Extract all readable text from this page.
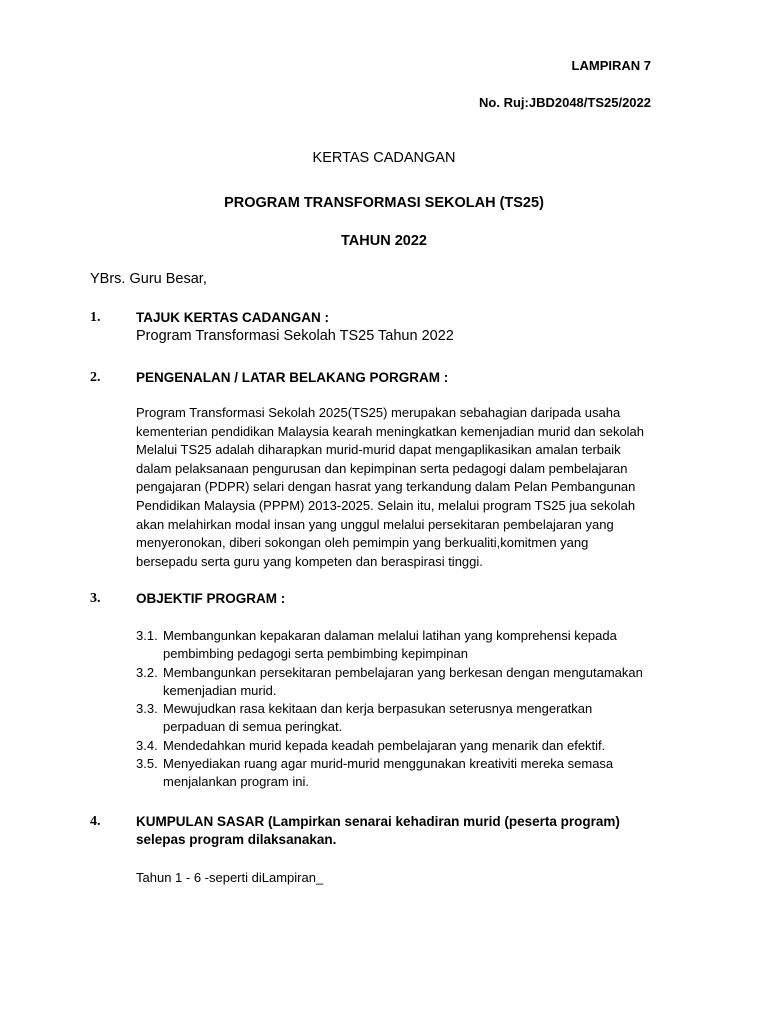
LAMPIRAN 7
No. Ruj:JBD2048/TS25/2022
KERTAS CADANGAN
PROGRAM TRANSFORMASI SEKOLAH (TS25)
TAHUN 2022
YBrs. Guru Besar,
1.	TAJUK KERTAS CADANGAN :
Program Transformasi Sekolah TS25 Tahun 2022
2.	PENGENALAN / LATAR BELAKANG PORGRAM :
Program Transformasi Sekolah 2025(TS25) merupakan sebahagian daripada usaha
kementerian pendidikan Malaysia kearah meningkatkan kemenjadian murid dan sekolah
Melalui TS25 adalah diharapkan murid-murid dapat mengaplikasikan amalan terbaik
dalam pelaksanaan pengurusan dan kepimpinan serta pedagogi dalam pembelajaran
pengajaran (PDPR) selari dengan hasrat yang terkandung dalam Pelan Pembangunan
Pendidikan Malaysia (PPPM) 2013-2025. Selain itu, melalui program TS25 jua sekolah
akan melahirkan modal insan yang unggul melalui persekitaran pembelajaran yang
menyeronokan, diberi sokongan oleh pemimpin yang berkualiti,komitmen yang
bersepadu serta guru yang kompeten dan beraspirasi tinggi.
3.	OBJEKTIF PROGRAM :
3.1. Membangunkan kepakaran dalaman melalui latihan yang komprehensi kepada
pembimbing pedagogi serta pembimbing kepimpinan
3.2. Membangunkan persekitaran pembelajaran yang berkesan dengan mengutamakan
kemenjadian murid.
3.3. Mewujudkan rasa kekitaan dan kerja berpasukan seterusnya mengeratkan
perpaduan di semua peringkat.
3.4. Mendedahkan murid kepada keadah pembelajaran yang menarik dan efektif.
3.5. Menyediakan ruang agar murid-murid menggunakan kreativiti mereka semasa
menjalankan program ini.
4.	KUMPULAN SASAR (Lampirkan senarai kehadiran murid (peserta program)
selepas program dilaksanakan.
Tahun 1 - 6 -seperti diLampiran_
